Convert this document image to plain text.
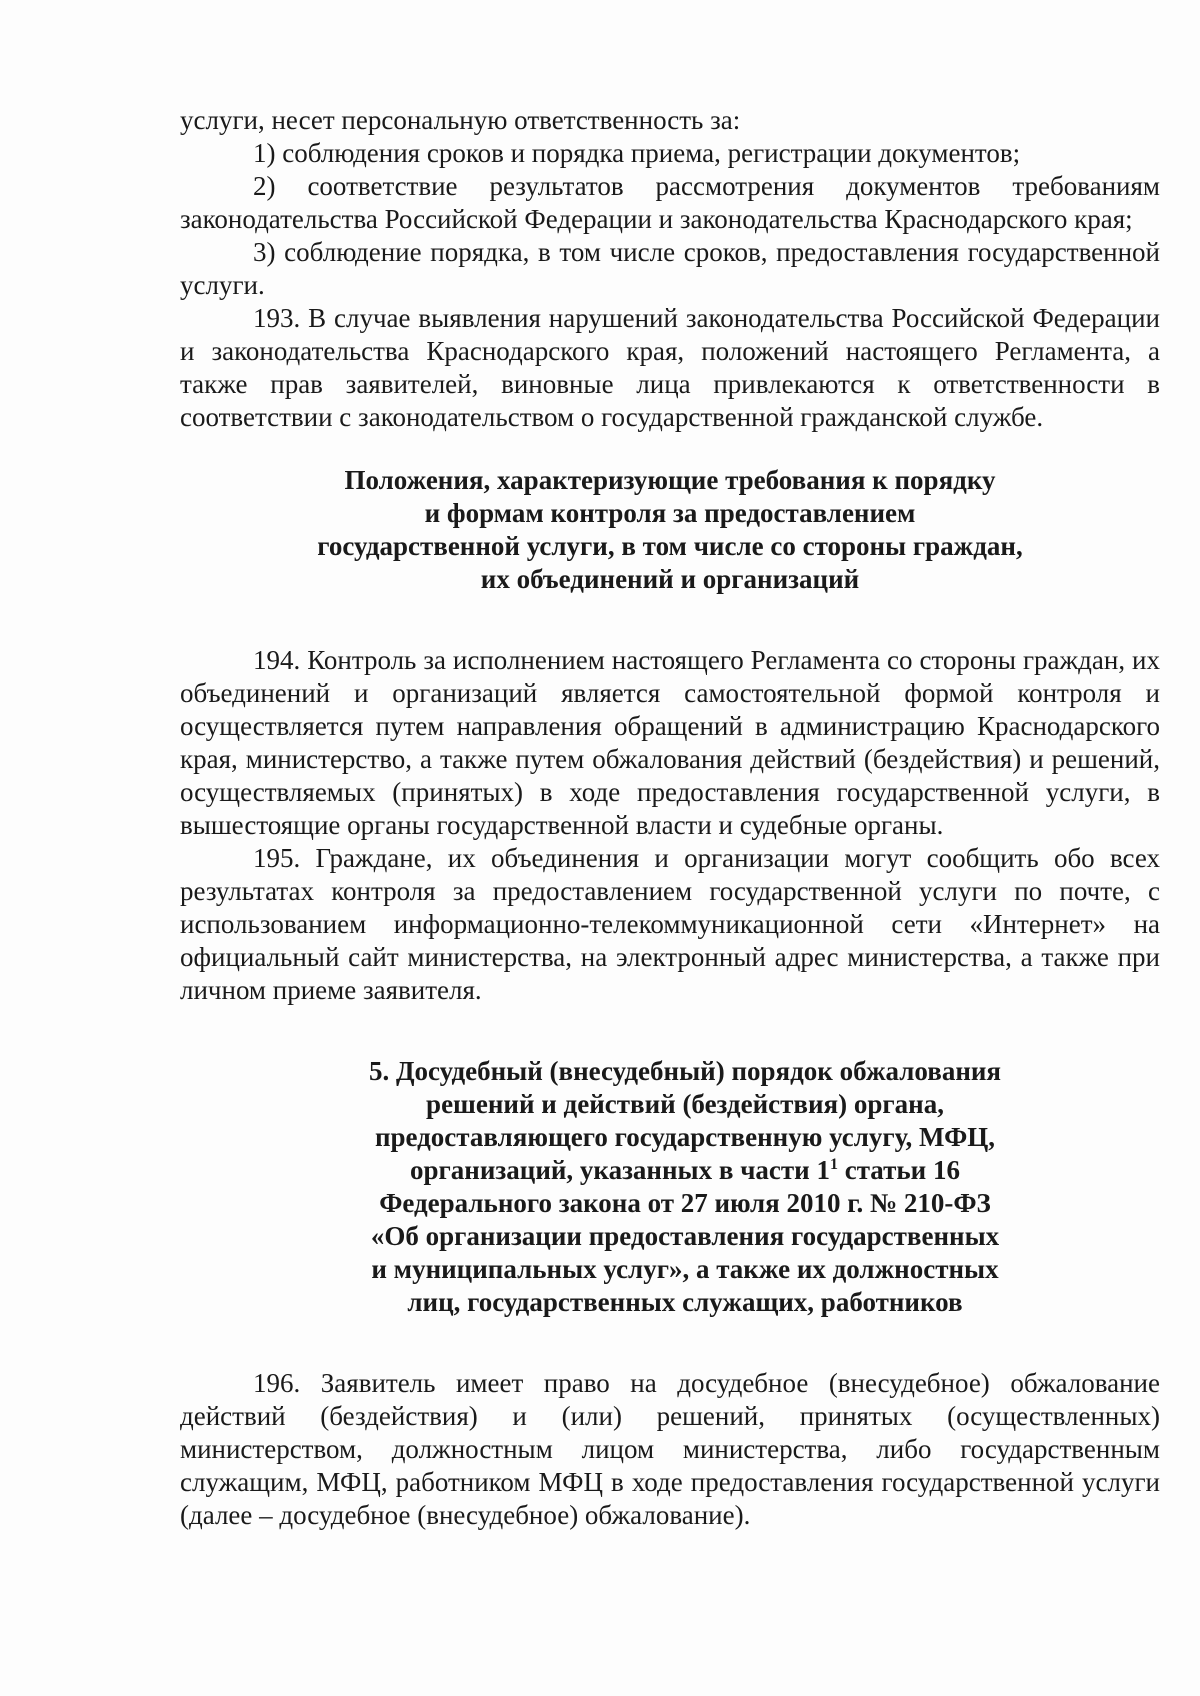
услуги, несет персональную ответственность за:

1) соблюдения сроков и порядка приема, регистрации документов;

2) соответствие результатов рассмотрения документов требованиям законодательства Российской Федерации и законодательства Краснодарского края;

3) соблюдение порядка, в том числе сроков, предоставления государственной услуги.

193. В случае выявления нарушений законодательства Российской Федерации и законодательства Краснодарского края, положений настоящего Регламента, а также прав заявителей, виновные лица привлекаются к ответственности в соответствии с законодательством о государственной гражданской службе.

Положения, характеризующие требования к порядку
и формам контроля за предоставлением
государственной услуги, в том числе со стороны граждан,
их объединений и организаций

194. Контроль за исполнением настоящего Регламента со стороны граждан, их объединений и организаций является самостоятельной формой контроля и осуществляется путем направления обращений в администрацию Краснодарского края, министерство, а также путем обжалования действий (бездействия) и решений, осуществляемых (принятых) в ходе предоставления государственной услуги, в вышестоящие органы государственной власти и судебные органы.

195. Граждане, их объединения и организации могут сообщить обо всех результатах контроля за предоставлением государственной услуги по почте, с использованием информационно-телекоммуникационной сети «Интернет» на официальный сайт министерства, на электронный адрес министерства, а также при личном приеме заявителя.

5. Досудебный (внесудебный) порядок обжалования
решений и действий (бездействия) органа,
предоставляющего государственную услугу, МФЦ,
организаций, указанных в части $1^1$ статьи 16
Федерального закона от 27 июля 2010 г. № 210-ФЗ
«Об организации предоставления государственных
и муниципальных услуг», а также их должностных
лиц, государственных служащих, работников

196. Заявитель имеет право на досудебное (внесудебное) обжалование действий (бездействия) и (или) решений, принятых (осуществленных) министерством, должностным лицом министерства, либо государственным служащим, МФЦ, работником МФЦ в ходе предоставления государственной услуги (далее – досудебное (внесудебное) обжалование).
